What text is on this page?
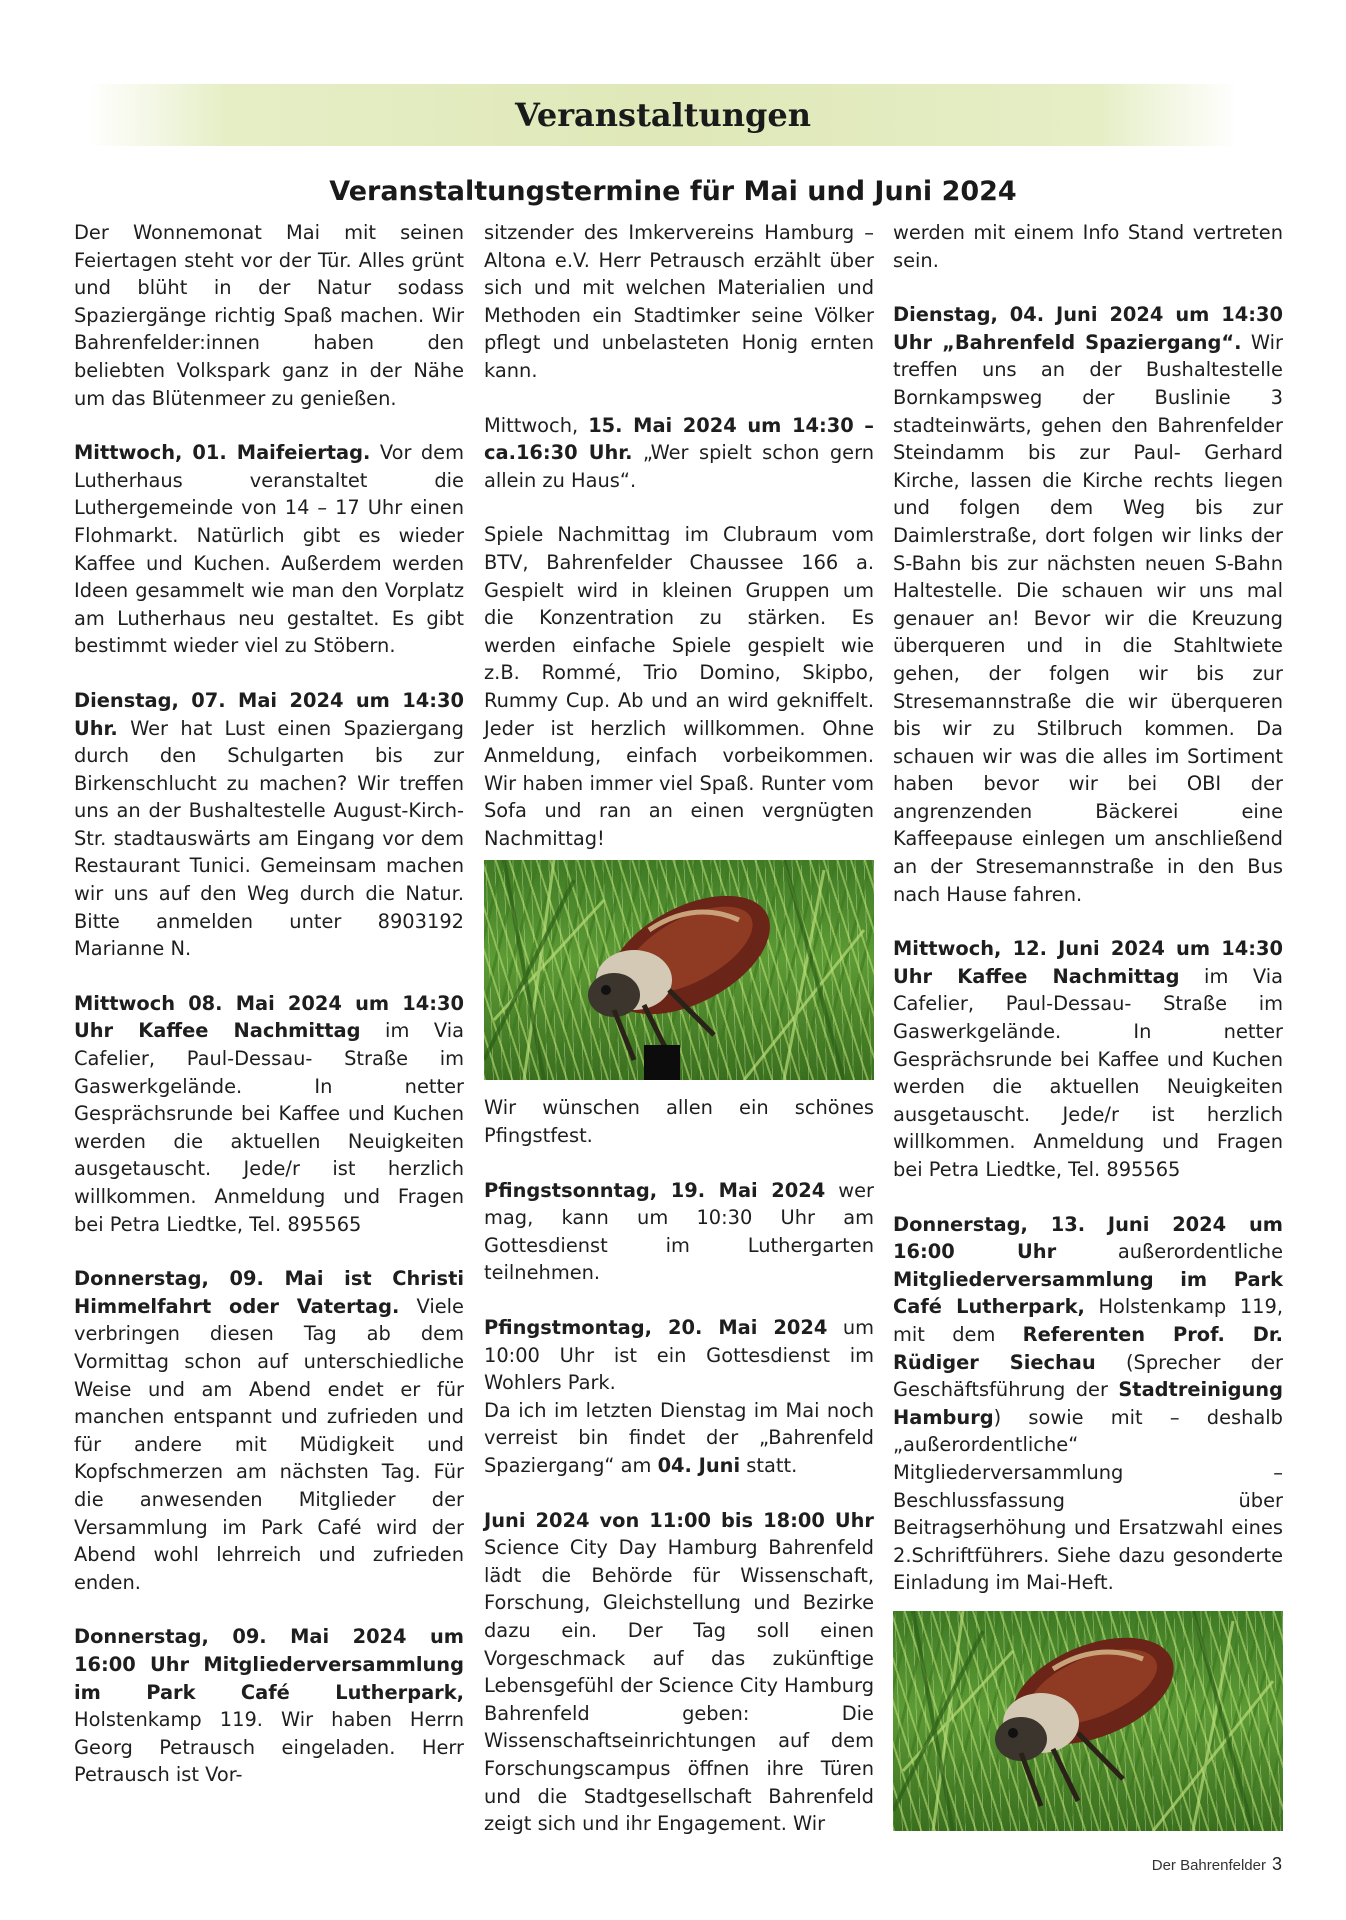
Veranstaltungen
Veranstaltungstermine für Mai und Juni 2024

Der Wonnemonat Mai mit seinen Feiertagen steht vor der Tür. Alles grünt und blüht in der Natur sodass Spaziergänge richtig Spaß machen. Wir Bahrenfelder:innen haben den beliebten Volkspark ganz in der Nähe um das Blütenmeer zu genießen.

Mittwoch, 01. Maifeiertag. Vor dem Lutherhaus veranstaltet die Luthergemeinde von 14 – 17 Uhr einen Flohmarkt. Natürlich gibt es wieder Kaffee und Kuchen. Außerdem werden Ideen gesammelt wie man den Vorplatz am Lutherhaus neu gestaltet. Es gibt bestimmt wieder viel zu Stöbern.

Dienstag, 07. Mai 2024 um 14:30 Uhr. Wer hat Lust einen Spaziergang durch den Schulgarten bis zur Birkenschlucht zu machen? Wir treffen uns an der Bushaltestelle August-Kirch-Str. stadtauswärts am Eingang vor dem Restaurant Tunici. Gemeinsam machen wir uns auf den Weg durch die Natur. Bitte anmelden unter 8903192 Marianne N.

Mittwoch 08. Mai 2024 um 14:30 Uhr Kaffee Nachmittag im Via Cafelier, Paul-Dessau- Straße im Gaswerkgelände. In netter Gesprächsrunde bei Kaffee und Kuchen werden die aktuellen Neuigkeiten ausgetauscht. Jede/r ist herzlich willkommen. Anmeldung und Fragen bei Petra Liedtke, Tel. 895565

Donnerstag, 09. Mai ist Christi Himmelfahrt oder Vatertag. Viele verbringen diesen Tag ab dem Vormittag schon auf unterschiedliche Weise und am Abend endet er für manchen entspannt und zufrieden und für andere mit Müdigkeit und Kopfschmerzen am nächsten Tag. Für die anwesenden Mitglieder der Versammlung im Park Café wird der Abend wohl lehrreich und zufrieden enden.

Donnerstag, 09. Mai 2024 um 16:00 Uhr Mitgliederversammlung im Park Café Lutherpark, Holstenkamp 119. Wir haben Herrn Georg Petrausch eingeladen. Herr Petrausch ist Vor-

sitzender des Imkervereins Hamburg – Altona e.V. Herr Petrausch erzählt über sich und mit welchen Materialien und Methoden ein Stadtimker seine Völker pflegt und unbelasteten Honig ernten kann.

Mittwoch, 15. Mai 2024 um 14:30 – ca.16:30 Uhr. „Wer spielt schon gern allein zu Haus“.

Spiele Nachmittag im Clubraum vom BTV, Bahrenfelder Chaussee 166 a. Gespielt wird in kleinen Gruppen um die Konzentration zu stärken. Es werden einfache Spiele gespielt wie z.B. Rommé, Trio Domino, Skipbo, Rummy Cup. Ab und an wird gekniffelt. Jeder ist herzlich willkommen. Ohne Anmeldung, einfach vorbeikommen. Wir haben immer viel Spaß. Runter vom Sofa und ran an einen vergnügten Nachmittag!

Wir wünschen allen ein schönes Pfingstfest.

Pfingstsonntag, 19. Mai 2024 wer mag, kann um 10:30 Uhr am Gottesdienst im Luthergarten teilnehmen.

Pfingstmontag, 20. Mai 2024 um 10:00 Uhr ist ein Gottesdienst im Wohlers Park.

Da ich im letzten Dienstag im Mai noch verreist bin findet der „Bahrenfeld Spaziergang“ am 04. Juni statt.

Juni 2024 von 11:00 bis 18:00 Uhr Science City Day Hamburg Bahrenfeld lädt die Behörde für Wissenschaft, Forschung, Gleichstellung und Bezirke dazu ein. Der Tag soll einen Vorgeschmack auf das zukünftige Lebensgefühl der Science City Hamburg Bahrenfeld geben: Die Wissenschaftseinrichtungen auf dem Forschungscampus öffnen ihre Türen und die Stadtgesellschaft Bahrenfeld zeigt sich und ihr Engagement. Wir

werden mit einem Info Stand vertreten sein.

Dienstag, 04. Juni 2024 um 14:30 Uhr „Bahrenfeld Spaziergang“. Wir treffen uns an der Bushaltestelle Bornkampsweg der Buslinie 3 stadteinwärts, gehen den Bahrenfelder Steindamm bis zur Paul- Gerhard Kirche, lassen die Kirche rechts liegen und folgen dem Weg bis zur Daimlerstraße, dort folgen wir links der S-Bahn bis zur nächsten neuen S-Bahn Haltestelle. Die schauen wir uns mal genauer an! Bevor wir die Kreuzung überqueren und in die Stahltwiete gehen, der folgen wir bis zur Stresemannstraße die wir überqueren bis wir zu Stilbruch kommen. Da schauen wir was die alles im Sortiment haben bevor wir bei OBI der angrenzenden Bäckerei eine Kaffeepause einlegen um anschließend an der Stresemannstraße in den Bus nach Hause fahren.

Mittwoch, 12. Juni 2024 um 14:30 Uhr Kaffee Nachmittag im Via Cafelier, Paul-Dessau- Straße im Gaswerkgelände. In netter Gesprächsrunde bei Kaffee und Kuchen werden die aktuellen Neuigkeiten ausgetauscht. Jede/r ist herzlich willkommen. Anmeldung und Fragen bei Petra Liedtke, Tel. 895565

Donnerstag, 13. Juni 2024 um 16:00 Uhr außerordentliche Mitgliederversammlung im Park Café Lutherpark, Holstenkamp 119, mit dem Referenten Prof. Dr. Rüdiger Siechau (Sprecher der Geschäftsführung der Stadtreinigung Hamburg) sowie mit – deshalb „außerordentliche“ Mitgliederversammlung – Beschlussfassung über Beitragserhöhung und Ersatzwahl eines 2.Schriftführers. Siehe dazu gesonderte Einladung im Mai-Heft.

Der Bahrenfelder 3
